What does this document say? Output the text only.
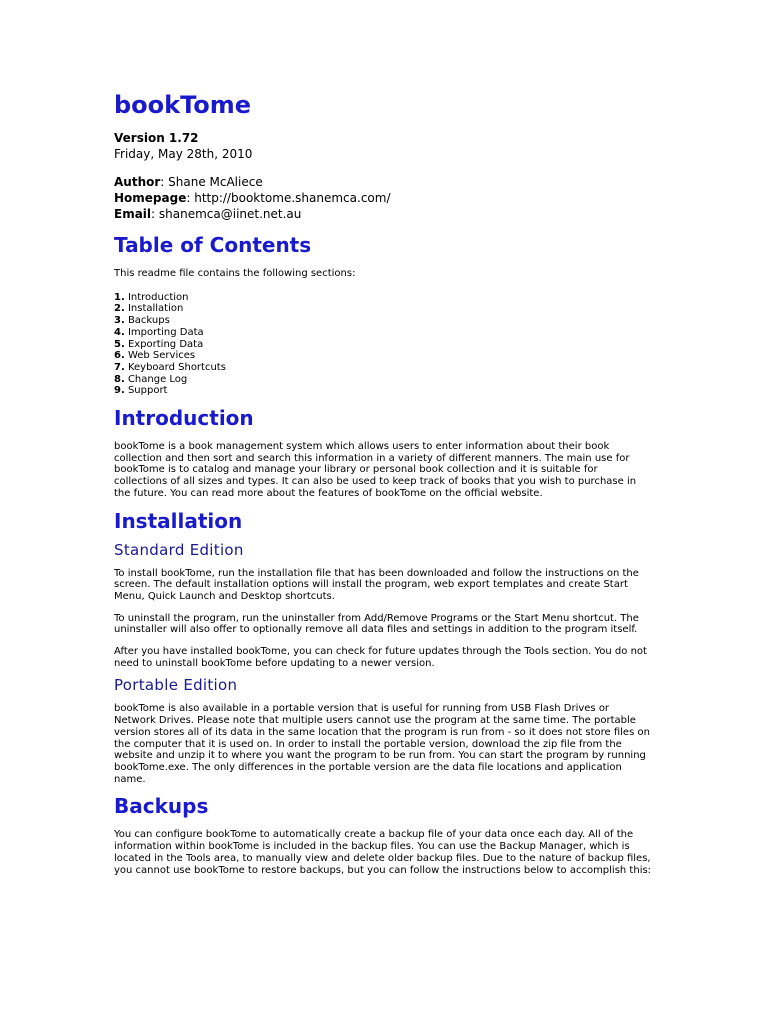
bookTome
Version 1.72
Friday, May 28th, 2010
Author: Shane McAliece
Homepage: http://booktome.shanemca.com/
Email: shanemca@iinet.net.au
Table of Contents

This readme file contains the following sections:

1. Introduction
2. Installation
3. Backups
4. Importing Data
5. Exporting Data
6. Web Services
7. Keyboard Shortcuts
8. Change Log
9. Support
Introduction

bookTome is a book management system which allows users to enter information about their book
collection and then sort and search this information in a variety of different manners. The main use for
bookTome is to catalog and manage your library or personal book collection and it is suitable for
collections of all sizes and types. It can also be used to keep track of books that you wish to purchase in
the future. You can read more about the features of bookTome on the official website.

Installation
Standard Edition

To install bookTome, run the installation file that has been downloaded and follow the instructions on the
screen. The default installation options will install the program, web export templates and create Start
Menu, Quick Launch and Desktop shortcuts.

To uninstall the program, run the uninstaller from Add/Remove Programs or the Start Menu shortcut. The
uninstaller will also offer to optionally remove all data files and settings in addition to the program itself.

After you have installed bookTome, you can check for future updates through the Tools section. You do not
need to uninstall bookTome before updating to a newer version.

Portable Edition

bookTome is also available in a portable version that is useful for running from USB Flash Drives or
Network Drives. Please note that multiple users cannot use the program at the same time. The portable
version stores all of its data in the same location that the program is run from - so it does not store files on
the computer that it is used on. In order to install the portable version, download the zip file from the
website and unzip it to where you want the program to be run from. You can start the program by running
bookTome.exe. The only differences in the portable version are the data file locations and application
name.

Backups

You can configure bookTome to automatically create a backup file of your data once each day. All of the
information within bookTome is included in the backup files. You can use the Backup Manager, which is
located in the Tools area, to manually view and delete older backup files. Due to the nature of backup files,
you cannot use bookTome to restore backups, but you can follow the instructions below to accomplish this:
